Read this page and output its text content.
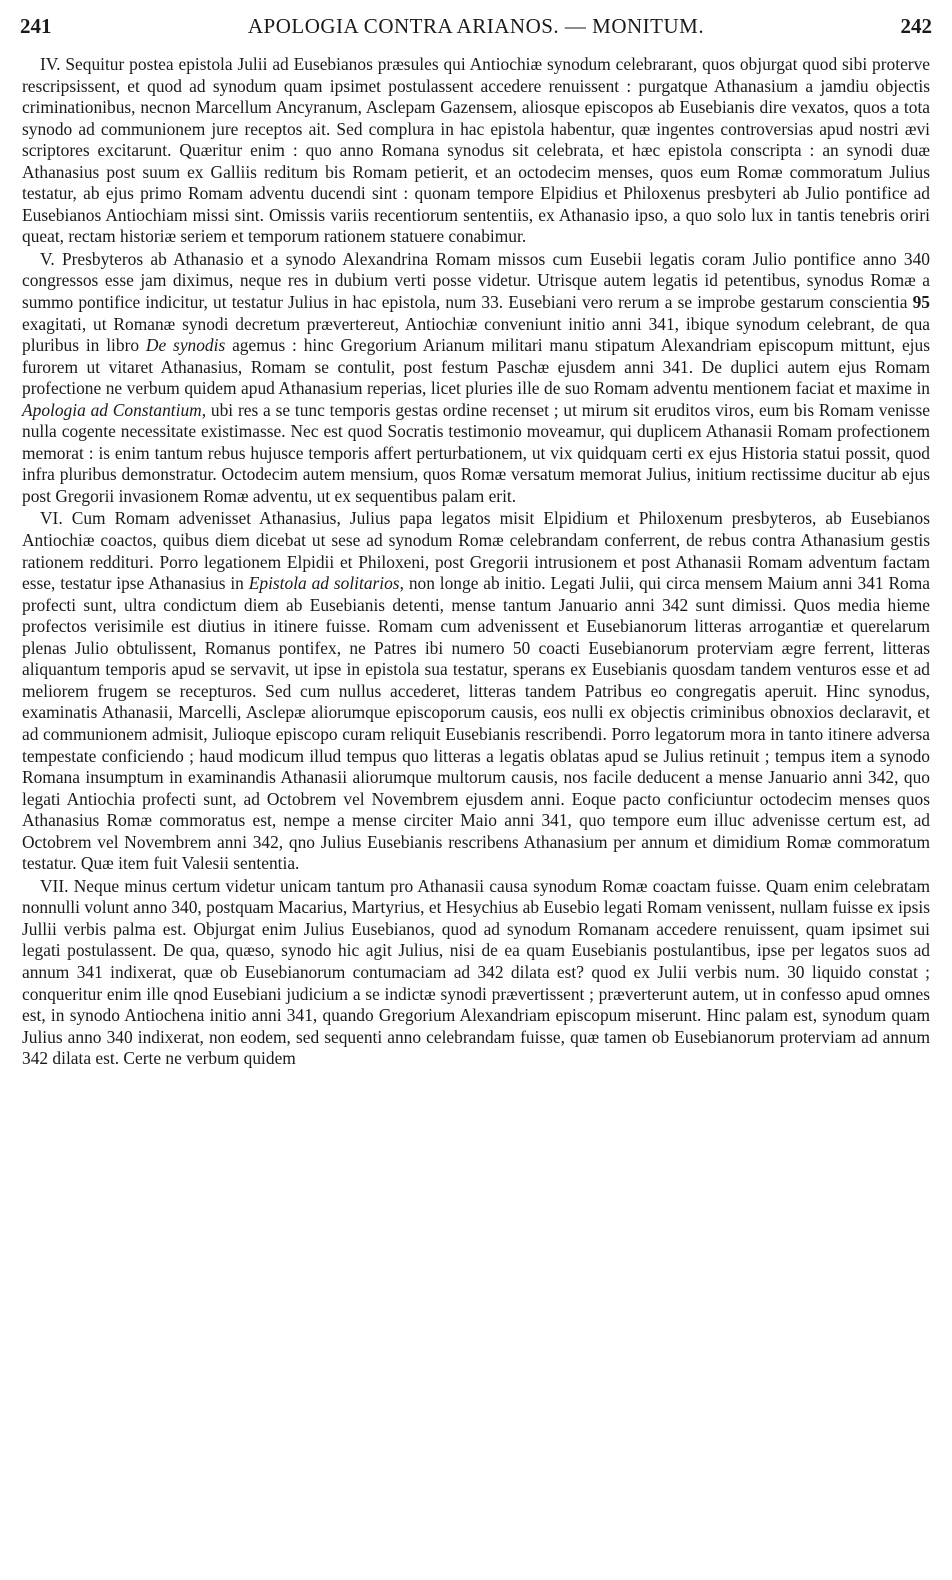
241	APOLOGIA CONTRA ARIANOS. — MONITUM.	242

IV. Sequitur postea epistola Julii ad Eusebianos præsules qui Antiochiæ synodum celebrarant, quos objurgat quod sibi proterve rescripsissent, et quod ad synodum quam ipsimet postulassent accedere renuissent : purgatque Athanasium a jamdiu objectis criminationibus, necnon Marcellum Ancyranum, Asclepam Gazensem, aliosque episcopos ab Eusebianis dire vexatos, quos a tota synodo ad communionem jure receptos ait. Sed complura in hac epistola habentur, quæ ingentes controversias apud nostri ævi scriptores excitarunt. Quæritur enim : quo anno Romana synodus sit celebrata, et hæc epistola conscripta : an synodi duæ Athanasius post suum ex Galliis reditum bis Romam petierit, et an octodecim menses, quos eum Romæ commoratum Julius testatur, ab ejus primo Romam adventu ducendi sint : quonam tempore Elpidius et Philoxenus presbyteri ab Julio pontifice ad Eusebianos Antiochiam missi sint. Omissis variis recentiorum sententiis, ex Athanasio ipso, a quo solo lux in tantis tenebris oriri queat, rectam historiæ seriem et temporum rationem statuere conabimur.

V. Presbyteros ab Athanasio et a synodo Alexandrina Romam missos cum Eusebii legatis coram Julio pontifice anno 340 congressos esse jam diximus, neque res in dubium verti posse videtur. Utrisque autem legatis id petentibus, synodus Romæ a summo pontifice indicitur, ut testatur Julius in hac epistola, num 33. Eusebiani vero rerum a se improbe gestarum conscientia 95 exagitati, ut Romanæ synodi decretum prævertereut, Antiochiæ conveniunt initio anni 341, ibique synodum celebrant, de qua pluribus in libro De synodis agemus : hinc Gregorium Arianum militari manu stipatum Alexandriam episcopum mittunt, ejus furorem ut vitaret Athanasius, Romam se contulit, post festum Paschæ ejusdem anni 341. De duplici autem ejus Romam profectione ne verbum quidem apud Athanasium reperias, licet pluries ille de suo Romam adventu mentionem faciat et maxime in Apologia ad Constantium, ubi res a se tunc temporis gestas ordine recenset ; ut mirum sit eruditos viros, eum bis Romam venisse nulla cogente necessitate existimasse. Nec est quod Socratis testimonio moveamur, qui duplicem Athanasii Romam profectionem memorat : is enim tantum rebus hujusce temporis affert perturbationem, ut vix quidquam certi ex ejus Historia statui possit, quod infra pluribus demonstratur. Octodecim autem mensium, quos Romæ versatum memorat Julius, initium rectissime ducitur ab ejus post Gregorii invasionem Romæ adventu, ut ex sequentibus palam erit.

VI. Cum Romam advenisset Athanasius, Julius papa legatos misit Elpidium et Philoxenum presbyteros, ab Eusebianos Antiochiæ coactos, quibus diem dicebat ut sese ad synodum Romæ celebrandam conferrent, de rebus contra Athanasium gestis rationem reddituri. Porro legationem Elpidii et Philoxeni, post Gregorii intrusionem et post Athanasii Romam adventum factam esse, testatur ipse Athanasius in Epistola ad solitarios, non longe ab initio. Legati Julii, qui circa mensem Maium anni 341 Roma profecti sunt, ultra condictum diem ab Eusebianis detenti, mense tantum Januario anni 342 sunt dimissi. Quos media hieme profectos verisimile est diutius in itinere fuisse. Romam cum advenissent et Eusebianorum litteras arrogantiæ et querelarum plenas Julio obtulissent, Romanus pontifex, ne Patres ibi numero 50 coacti Eusebianorum proterviam ægre ferrent, litteras aliquantum temporis apud se servavit, ut ipse in epistola sua testatur, sperans ex Eusebianis quosdam tandem venturos esse et ad meliorem frugem se recepturos. Sed cum nullus accederet, litteras tandem Patribus eo congregatis aperuit. Hinc synodus, examinatis Athanasii, Marcelli, Asclepæ aliorumque episcoporum causis, eos nulli ex objectis criminibus obnoxios declaravit, et ad communionem admisit, Julioque episcopo curam reliquit Eusebianis rescribendi. Porro legatorum mora in tanto itinere adversa tempestate conficiendo ; haud modicum illud tempus quo litteras a legatis oblatas apud se Julius retinuit ; tempus item a synodo Romana insumptum in examinandis Athanasii aliorumque multorum causis, nos facile deducent a mense Januario anni 342, quo legati Antiochia profecti sunt, ad Octobrem vel Novembrem ejusdem anni. Eoque pacto conficiuntur octodecim menses quos Athanasius Romæ commoratus est, nempe a mense circiter Maio anni 341, quo tempore eum illuc advenisse certum est, ad Octobrem vel Novembrem anni 342, qno Julius Eusebianis rescribens Athanasium per annum et dimidium Romæ commoratum testatur. Quæ item fuit Valesii sententia.

VII. Neque minus certum videtur unicam tantum pro Athanasii causa synodum Romæ coactam fuisse. Quam enim celebratam nonnulli volunt anno 340, postquam Macarius, Martyrius, et Hesychius ab Eusebio legati Romam venissent, nullam fuisse ex ipsis Jullii verbis palma est. Objurgat enim Julius Eusebianos, quod ad synodum Romanam accedere renuissent, quam ipsimet sui legati postulassent. De qua, quæso, synodo hic agit Julius, nisi de ea quam Eusebianis postulantibus, ipse per legatos suos ad annum 341 indixerat, quæ ob Eusebianorum contumaciam ad 342 dilata est? quod ex Julii verbis num. 30 liquido constat ; conqueritur enim ille qnod Eusebiani judicium a se indictæ synodi prævertissent ; præverterunt autem, ut in confesso apud omnes est, in synodo Antiochena initio anni 341, quando Gregorium Alexandriam episcopum miserunt. Hinc palam est, synodum quam Julius anno 340 indixerat, non eodem, sed sequenti anno celebrandam fuisse, quæ tamen ob Eusebianorum proterviam ad annum 342 dilata est. Certe ne verbum quidem
